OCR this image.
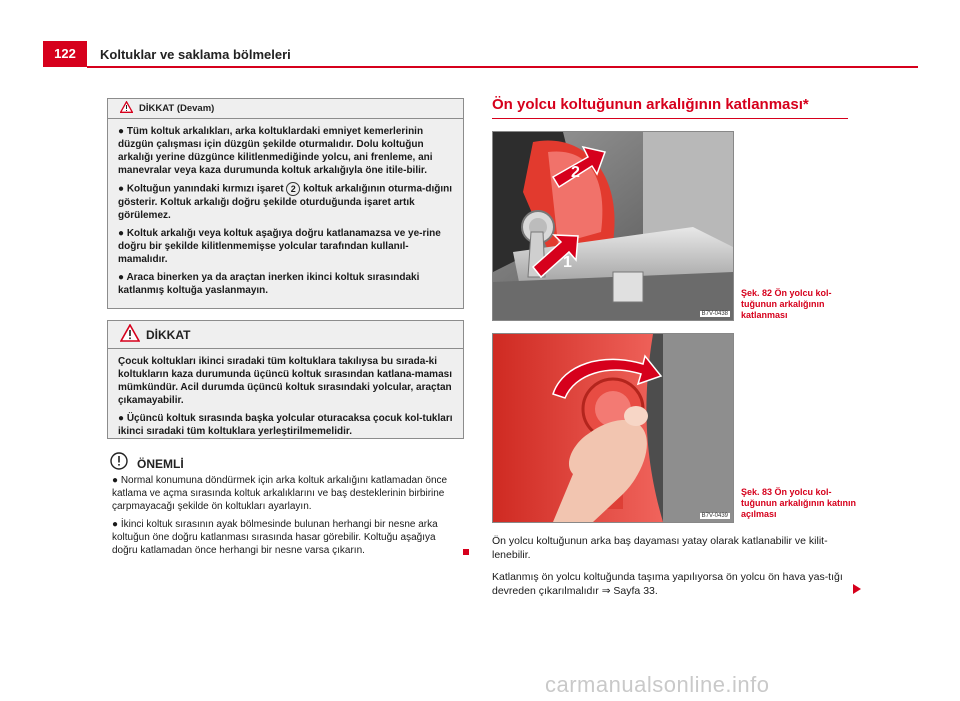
122	Koltuklar ve saklama bölmeleri
DİKKAT (Devam)

● Tüm koltuk arkalıkları, arka koltuklardaki emniyet kemerlerinin düzgün çalışması için düzgün şekilde oturmalıdır. Dolu koltuğun arkalığı yerine düzgünce kilitlenmediğinde yolcu, ani frenleme, ani manevralar veya kaza durumunda koltuk arkalığıyla öne itile-bilir.

● Koltuğun yanındaki kırmızı işaret 2 koltuk arkalığının oturma-dığını gösterir. Koltuk arkalığı doğru şekilde oturduğunda işaret artık görülemez.

● Koltuk arkalığı veya koltuk aşağıya doğru katlanamazsa ve ye-rine doğru bir şekilde kilitlenmemişse yolcular tarafından kullanıl-mamalıdır.

● Araca binerken ya da araçtan inerken ikinci koltuk sırasındaki katlanmış koltuğa yaslanmayın.

DİKKAT

Çocuk koltukları ikinci sıradaki tüm koltuklara takılıysa bu sırada-ki koltukların kaza durumunda üçüncü koltuk sırasından katlana-maması mümkündür. Acil durumda üçüncü koltuk sırasındaki yolcular, araçtan çıkamayabilir.

● Üçüncü koltuk sırasında başka yolcular oturacaksa çocuk kol-tukları ikinci sıradaki tüm koltuklara yerleştirilmemelidir.

ÖNEMLİ

● Normal konumuna döndürmek için arka koltuk arkalığını katlamadan önce katlama ve açma sırasında koltuk arkalıklarını ve baş desteklerinin birbirine çarpmayacağı şekilde ön koltukları ayarlayın.

● İkinci koltuk sırasının ayak bölmesinde bulunan herhangi bir nesne arka koltuğun öne doğru katlanması sırasında hasar görebilir. Koltuğu aşağıya doğru katlamadan önce herhangi bir nesne varsa çıkarın.

Ön yolcu koltuğunun arkalığının katlanması*
2
1
B7V-0438
Şek. 82 Ön yolcu kol-tuğunun arkalığının katlanması
B7V-0439
Şek. 83 Ön yolcu kol-tuğunun arkalığının katının açılması

Ön yolcu koltuğunun arka baş dayaması yatay olarak katlanabilir ve kilit-lenebilir.

Katlanmış ön yolcu koltuğunda taşıma yapılıyorsa ön yolcu ön hava yas-tığı devreden çıkarılmalıdır ⇒ Sayfa 33.

carmanualsonline.info
